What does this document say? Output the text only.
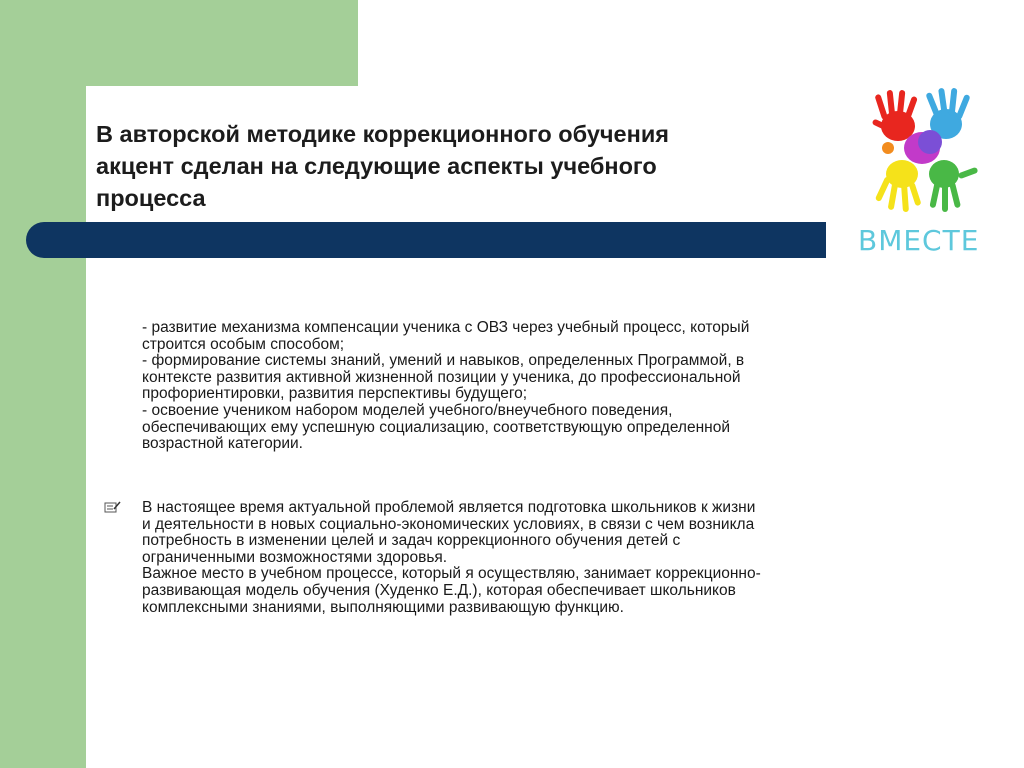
В авторской методике коррекционного обучения
акцент сделан на следующие аспекты учебного
процесса
ВМЕСТЕ
- развитие механизма компенсации ученика с ОВЗ через учебный процесс, который
строится особым способом;
- формирование системы знаний, умений и навыков, определенных Программой, в
контексте развития активной жизненной позиции у ученика, до профессиональной
профориентировки, развития перспективы будущего;
- освоение учеником набором моделей учебного/внеучебного поведения,
обеспечивающих ему успешную социализацию, соответствующую определенной
возрастной категории.
В настоящее время актуальной проблемой является подготовка школьников к жизни
и деятельности в новых социально-экономических условиях, в связи с чем возникла
потребность в изменении целей и задач коррекционного обучения детей с
ограниченными возможностями здоровья.
Важное место в учебном процессе, который я осуществляю, занимает коррекционно-
развивающая модель обучения (Худенко Е.Д.), которая обеспечивает школьников
комплексными знаниями, выполняющими развивающую функцию.
